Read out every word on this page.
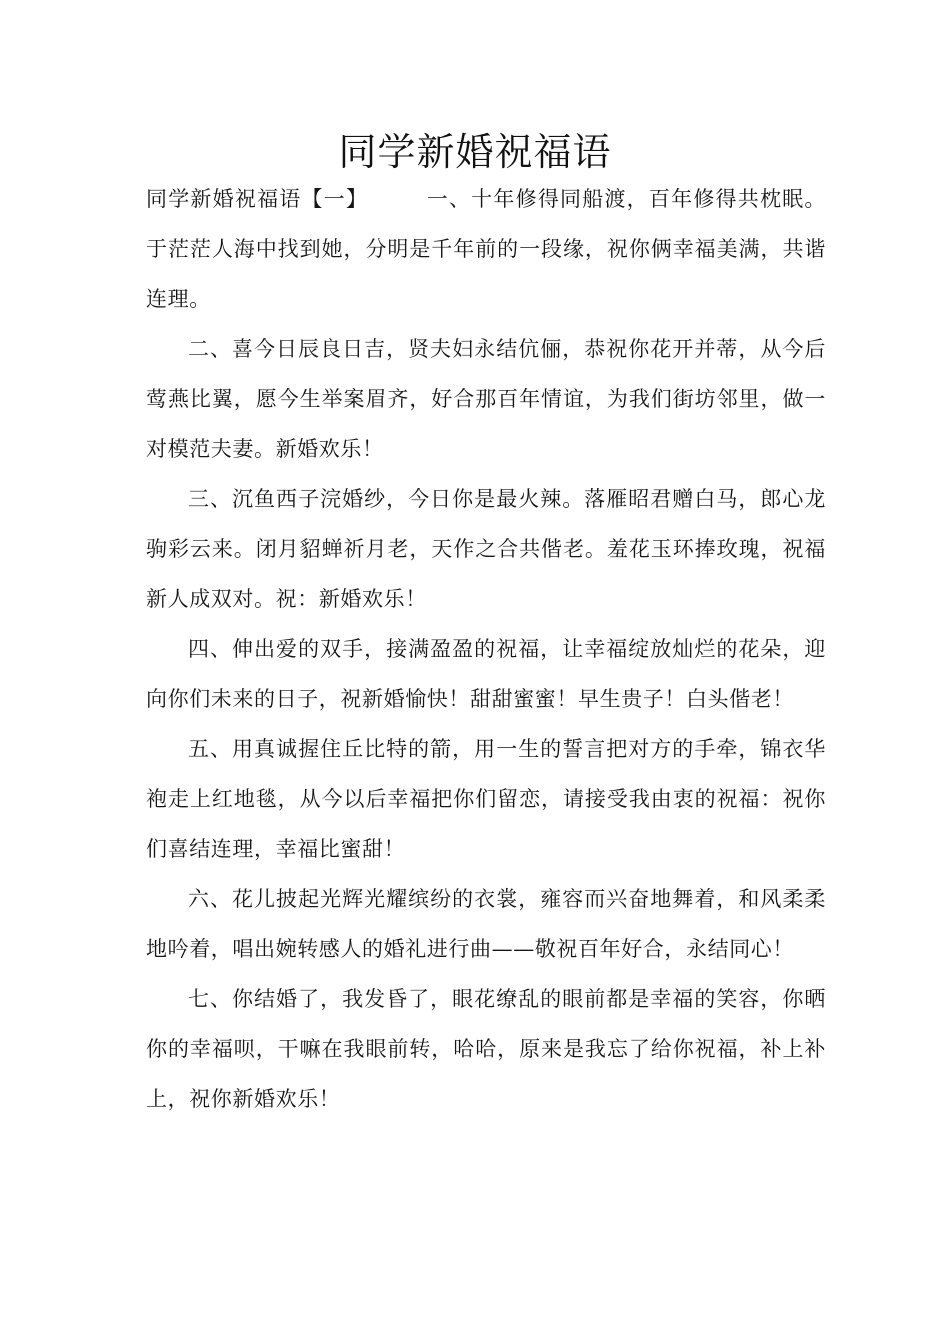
同学新婚祝福语

同学新婚祝福语【一】	一、十年修得同船渡，百年修得共枕眠。于茫茫人海中找到她，分明是千年前的一段缘，祝你俩幸福美满，共谐连理。

二、喜今日辰良日吉，贤夫妇永结伉俪，恭祝你花开并蒂，从今后莺燕比翼，愿今生举案眉齐，好合那百年情谊，为我们街坊邻里，做一对模范夫妻。新婚欢乐！

三、沉鱼西子浣婚纱，今日你是最火辣。落雁昭君赠白马，郎心龙驹彩云来。闭月貂蝉祈月老，天作之合共偕老。羞花玉环捧玫瑰，祝福新人成双对。祝：新婚欢乐！

四、伸出爱的双手，接满盈盈的祝福，让幸福绽放灿烂的花朵，迎向你们未来的日子，祝新婚愉快！甜甜蜜蜜！早生贵子！白头偕老！

五、用真诚握住丘比特的箭，用一生的誓言把对方的手牵，锦衣华袍走上红地毯，从今以后幸福把你们留恋，请接受我由衷的祝福：祝你们喜结连理，幸福比蜜甜！

六、花儿披起光辉光耀缤纷的衣裳，雍容而兴奋地舞着，和风柔柔地吟着，唱出婉转感人的婚礼进行曲——敬祝百年好合，永结同心！

七、你结婚了，我发昏了，眼花缭乱的眼前都是幸福的笑容，你晒你的幸福呗，干嘛在我眼前转，哈哈，原来是我忘了给你祝福，补上补上，祝你新婚欢乐！
